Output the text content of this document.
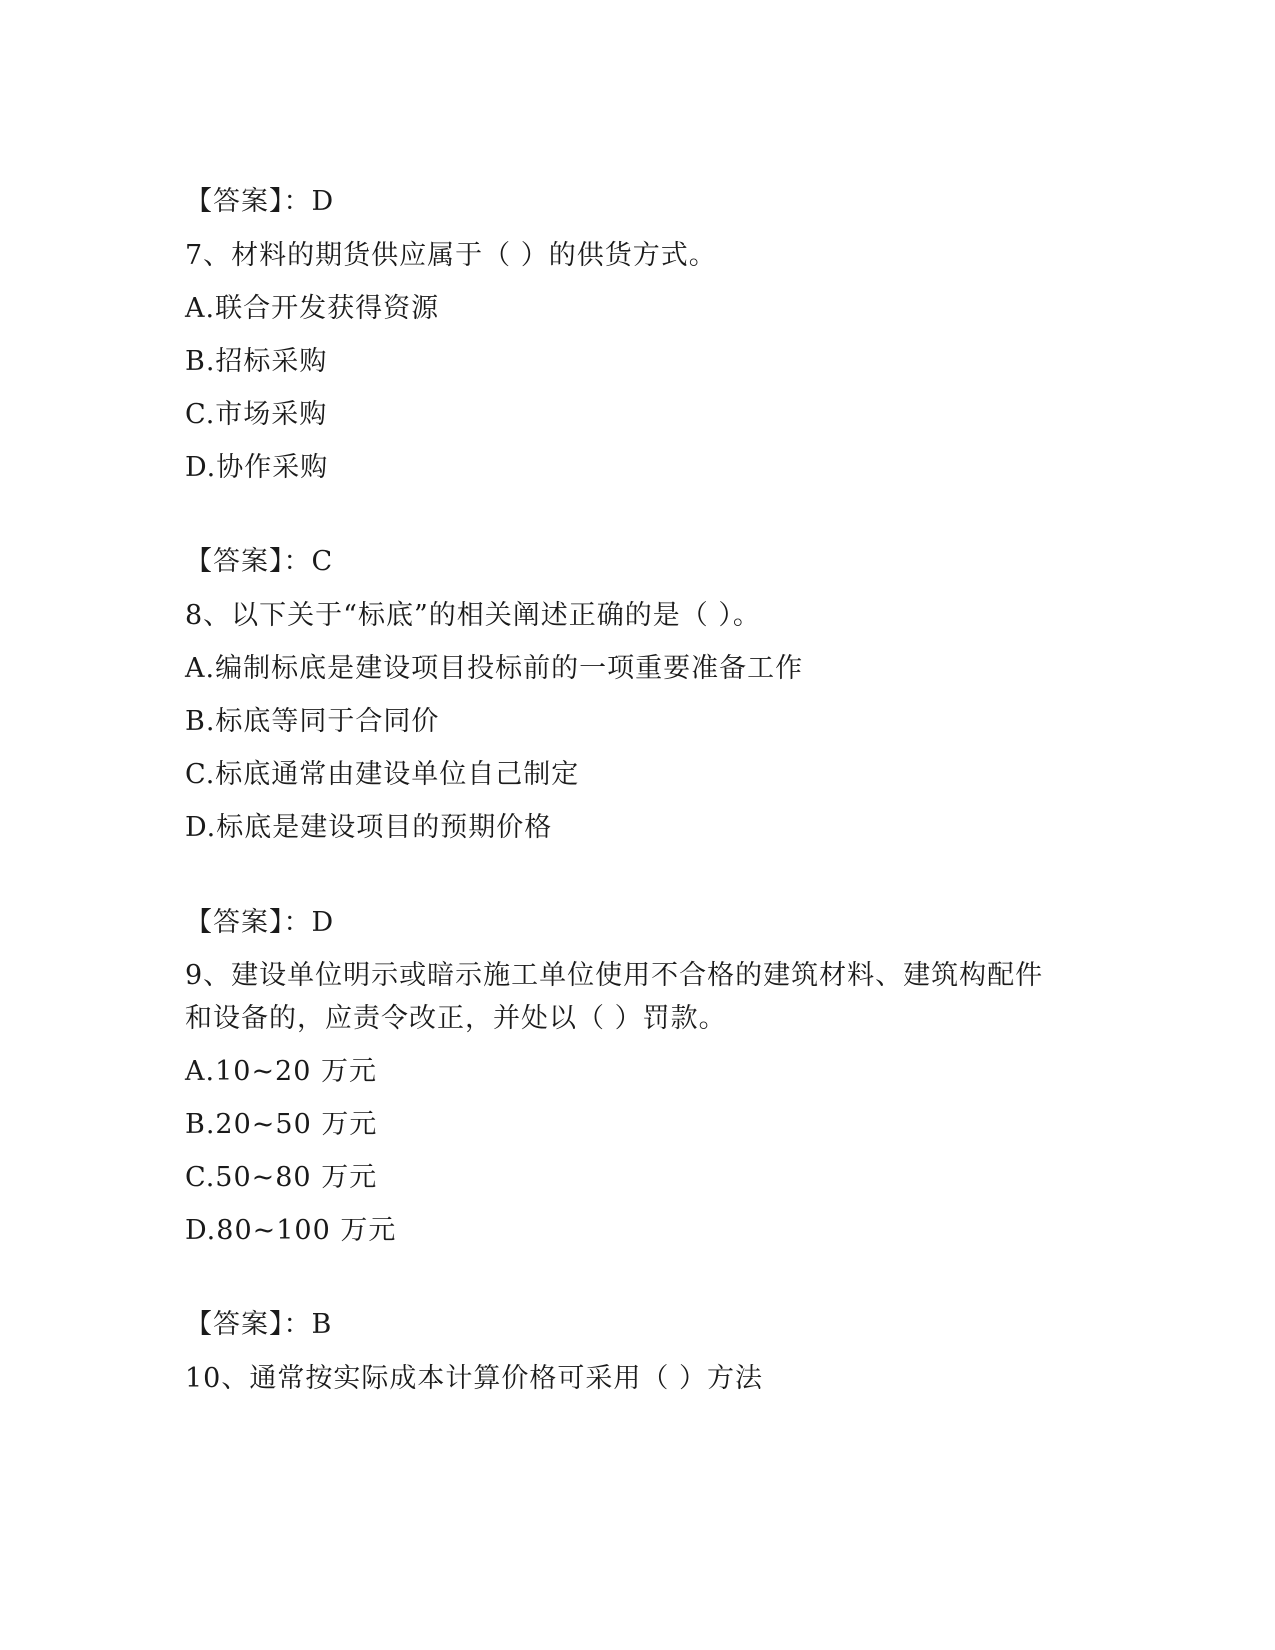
【答案】：D
7、材料的期货供应属于（ ）的供货方式。
A.联合开发获得资源
B.招标采购
C.市场采购
D.协作采购
【答案】：C
8、以下关于“标底”的相关阐述正确的是（ ）。
A.编制标底是建设项目投标前的一项重要准备工作
B.标底等同于合同价
C.标底通常由建设单位自己制定
D.标底是建设项目的预期价格
【答案】：D
9、建设单位明示或暗示施工单位使用不合格的建筑材料、建筑构配件
和设备的，应责令改正，并处以（ ）罚款。
A.10~20 万元
B.20~50 万元
C.50~80 万元
D.80~100 万元
【答案】：B
10、通常按实际成本计算价格可采用（ ）方法
